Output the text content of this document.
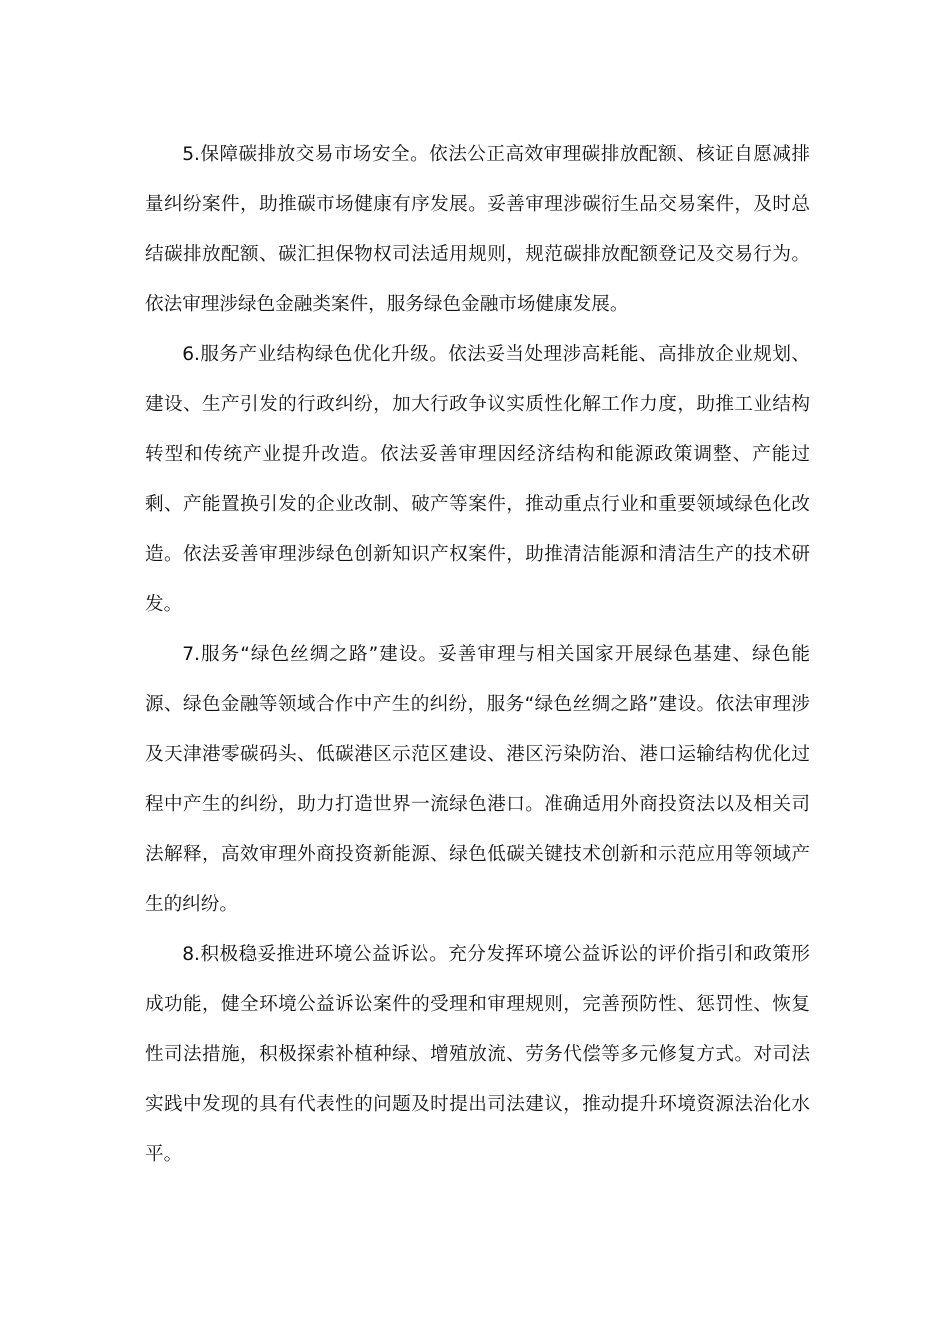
5.保障碳排放交易市场安全。依法公正高效审理碳排放配额、核证自愿减排量纠纷案件，助推碳市场健康有序发展。妥善审理涉碳衍生品交易案件，及时总结碳排放配额、碳汇担保物权司法适用规则，规范碳排放配额登记及交易行为。依法审理涉绿色金融类案件，服务绿色金融市场健康发展。

6.服务产业结构绿色优化升级。依法妥当处理涉高耗能、高排放企业规划、建设、生产引发的行政纠纷，加大行政争议实质性化解工作力度，助推工业结构转型和传统产业提升改造。依法妥善审理因经济结构和能源政策调整、产能过剩、产能置换引发的企业改制、破产等案件，推动重点行业和重要领域绿色化改造。依法妥善审理涉绿色创新知识产权案件，助推清洁能源和清洁生产的技术研发。

7.服务“绿色丝绸之路”建设。妥善审理与相关国家开展绿色基建、绿色能源、绿色金融等领域合作中产生的纠纷，服务“绿色丝绸之路”建设。依法审理涉及天津港零碳码头、低碳港区示范区建设、港区污染防治、港口运输结构优化过程中产生的纠纷，助力打造世界一流绿色港口。准确适用外商投资法以及相关司法解释，高效审理外商投资新能源、绿色低碳关键技术创新和示范应用等领域产生的纠纷。

8.积极稳妥推进环境公益诉讼。充分发挥环境公益诉讼的评价指引和政策形成功能，健全环境公益诉讼案件的受理和审理规则，完善预防性、惩罚性、恢复性司法措施，积极探索补植种绿、增殖放流、劳务代偿等多元修复方式。对司法实践中发现的具有代表性的问题及时提出司法建议，推动提升环境资源法治化水平。
